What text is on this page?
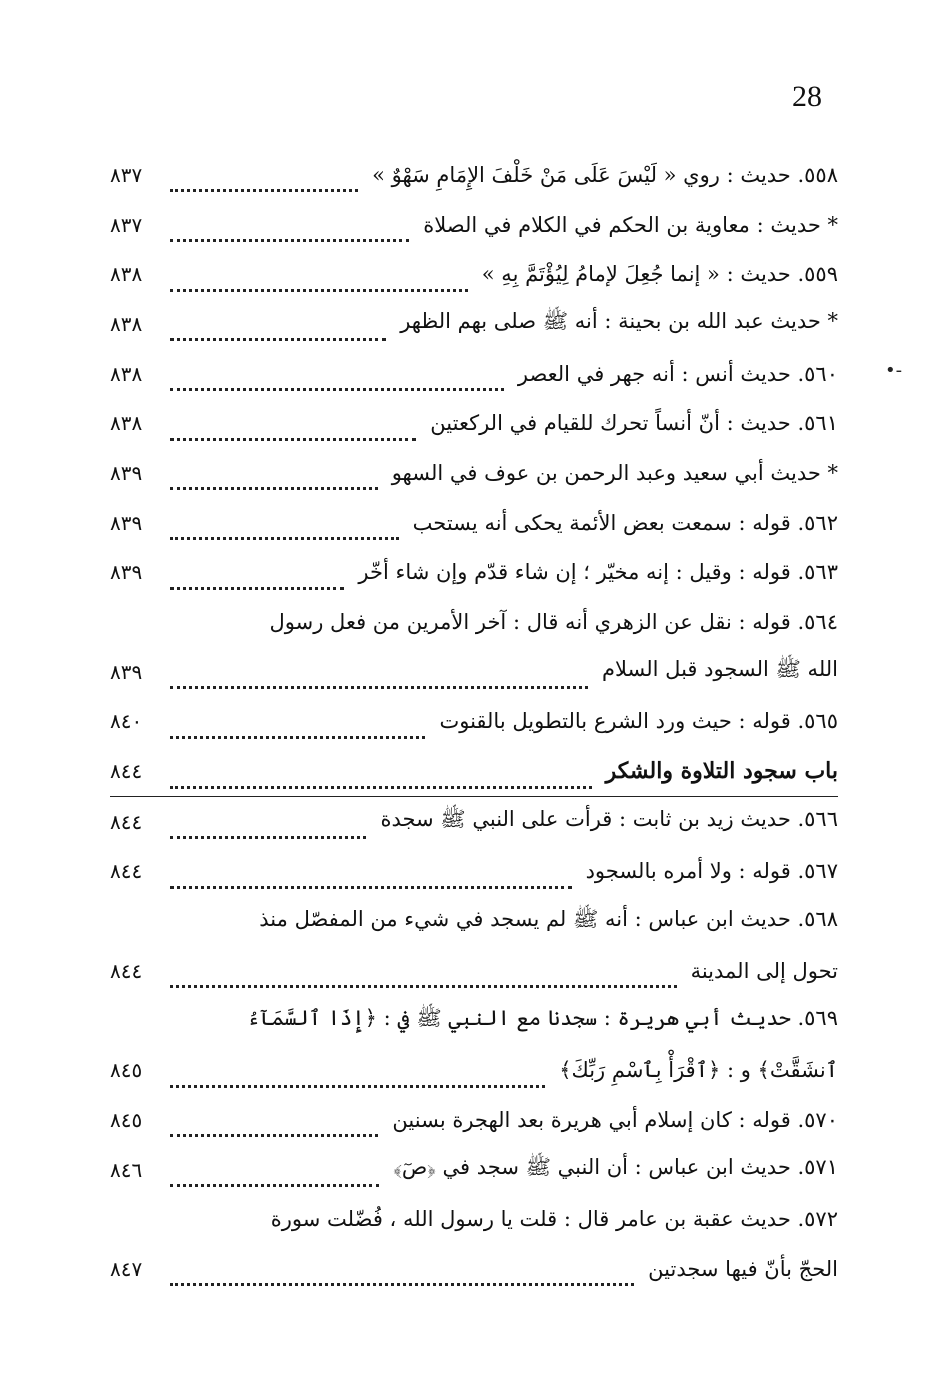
28
•-
٥٥٨. حديث : روي « لَيْسَ عَلَى مَنْ خَلْفَ الإِمَامِ سَهْوٌ »
٨٣٧
* حديث : معاوية بن الحكم في الكلام في الصلاة
٨٣٧
٥٥٩. حديث : « إنما جُعِلَ لإمامُ لِيُؤْتَمَّ بِهِ »
٨٣٨
* حديث عبد الله بن بحينة : أنه ﷺ صلى بهم الظهر
٨٣٨
٥٦٠. حديث أنس : أنه جهر في العصر
٨٣٨
٥٦١. حديث : أنّ أنساً تحرك للقيام في الركعتين
٨٣٨
* حديث أبي سعيد وعبد الرحمن بن عوف في السهو
٨٣٩
٥٦٢. قوله : سمعت بعض الأئمة يحكى أنه يستحب
٨٣٩
٥٦٣. قوله : وقيل : إنه مخيّر ؛ إن شاء قدّم وإن شاء أخّر
٨٣٩
٥٦٤. قوله : نقل عن الزهري أنه قال : آخر الأمرين من فعل رسول
الله ﷺ السجود قبل السلام
٨٣٩
٥٦٥. قوله : حيث ورد الشرع بالتطويل بالقنوت
٨٤٠
باب سجود التلاوة والشكر
٨٤٤
٥٦٦. حديث زيد بن ثابت : قرأت على النبي ﷺ سجدة
٨٤٤
٥٦٧. قوله : ولا أمره بالسجود
٨٤٤
٥٦٨. حديث ابن عباس : أنه ﷺ لم يسجد في شيء من المفصّل منذ
تحول إلى المدينة
٨٤٤
٥٦٩. حديث أبي هريرة : سجدنا مع النبي ﷺ في : ﴿إِذَا ٱلسَّمَآءُ
ٱنشَقَّتْ﴾ و : ﴿ٱقْرَأْ بِٱسْمِ رَبِّكَ﴾
٨٤٥
٥٧٠. قوله : كان إسلام أبي هريرة بعد الهجرة بسنين
٨٤٥
٥٧١. حديث ابن عباس : أن النبي ﷺ سجد في ﴿صٓ﴾
٨٤٦
٥٧٢. حديث عقبة بن عامر قال : قلت يا رسول الله ، فُضّلت سورة
الحجّ بأنّ فيها سجدتين
٨٤٧
